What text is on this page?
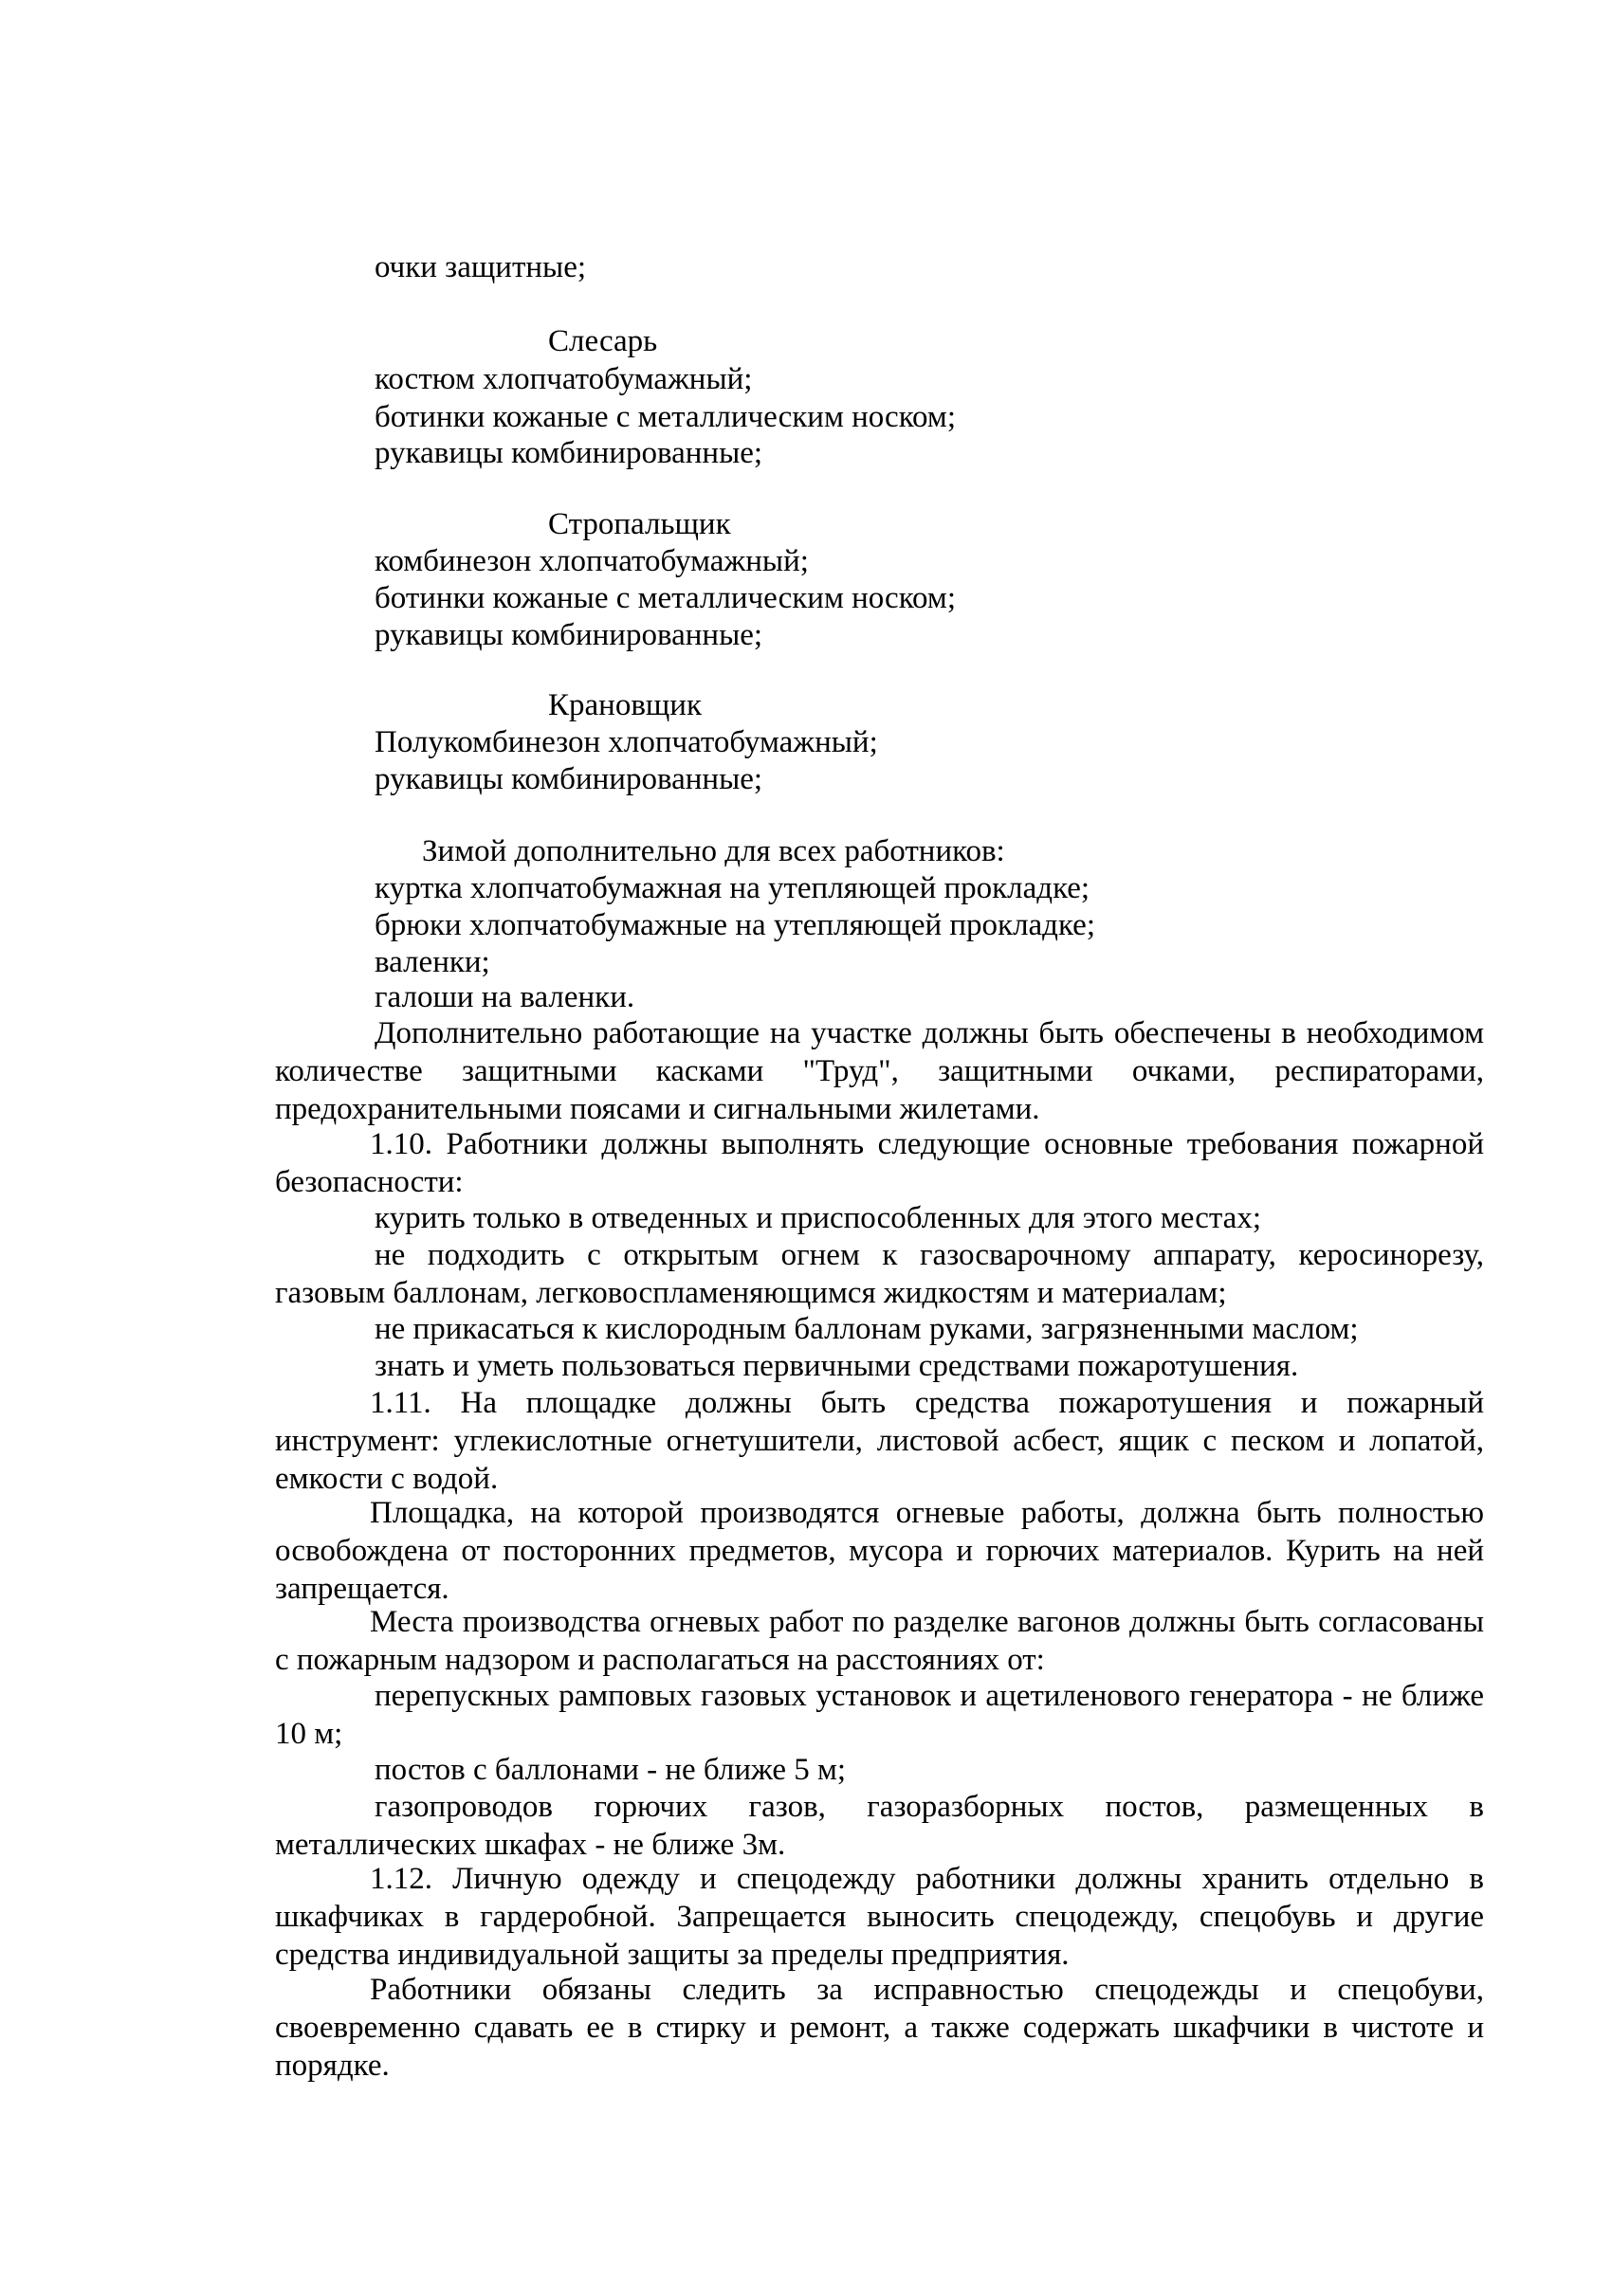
очки защитные;
Слесарь
костюм хлопчатобумажный;
ботинки кожаные с металлическим носком;
рукавицы комбинированные;
Стропальщик
комбинезон хлопчатобумажный;
ботинки кожаные с металлическим носком;
рукавицы комбинированные;
Крановщик
Полукомбинезон хлопчатобумажный;
рукавицы комбинированные;
Зимой дополнительно для всех работников:
куртка хлопчатобумажная на утепляющей прокладке;
брюки хлопчатобумажные на утепляющей прокладке;
валенки;
галоши на валенки.
Дополнительно работающие на участке должны быть обеспечены в необходимом количестве защитными касками "Труд", защитными очками, респираторами, предохранительными поясами и сигнальными жилетами.
1.10. Работники должны выполнять следующие основные требования пожарной безопасности:
курить только в отведенных и приспособленных для этого местах;
не подходить с открытым огнем к газосварочному аппарату, керосинорезу, газовым баллонам, легковоспламеняющимся жидкостям и материалам;
не прикасаться к кислородным баллонам руками, загрязненными маслом;
знать и уметь пользоваться первичными средствами пожаротушения.
1.11. На площадке должны быть средства пожаротушения и пожарный инструмент: углекислотные огнетушители, листовой асбест, ящик с песком и лопатой, емкости с водой.
Площадка, на которой производятся огневые работы, должна быть полностью освобождена от посторонних предметов, мусора и горючих материалов. Курить на ней запрещается.
Места производства огневых работ по разделке вагонов должны быть согласованы с пожарным надзором и располагаться на расстояниях от:
перепускных рамповых газовых установок и ацетиленового генератора - не ближе 10 м;
постов с баллонами - не ближе 5 м;
газопроводов горючих газов, газоразборных постов, размещенных в металлических шкафах - не ближе 3м.
1.12. Личную одежду и спецодежду работники должны хранить отдельно в шкафчиках в гардеробной. Запрещается выносить спецодежду, спецобувь и другие средства индивидуальной защиты за пределы предприятия.
Работники обязаны следить за исправностью спецодежды и спецобуви, своевременно сдавать ее в стирку и ремонт, а также содержать шкафчики в чистоте и порядке.
